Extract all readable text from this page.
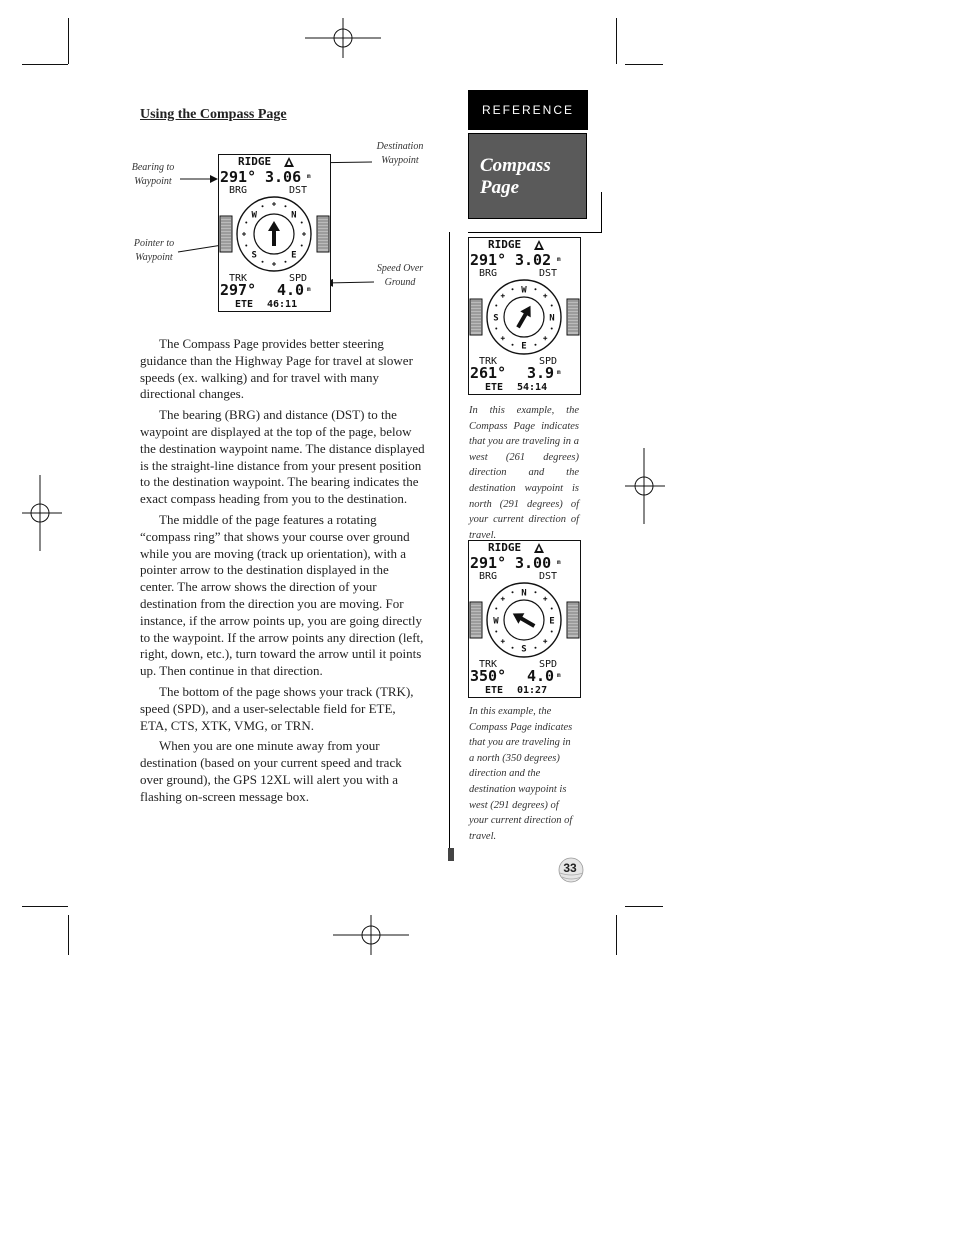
Using the Compass Page	REFERENCE
Compass Page
Bearing to Waypoint
Destination Waypoint
Pointer to Waypoint
Speed Over Ground
RIDGE
291° 3.06 m
BRG	DST
W	N
S	E
TRK	SPD
297° 4.0 m
ETE 46:11
RIDGE
291° 3.02 m
BRG	DST
W
N
S
E
TRK	SPD
261° 3.9 m
ETE 54:14
RIDGE
291° 3.00 m
BRG	DST
N
E
S
W
TRK	SPD
350° 4.0 m
ETE 01:27
In this example, the Compass Page indicates that you are traveling in a west (261 degrees) direction and the destination waypoint is north (291 degrees) of your current direction of travel.
In this example, the Compass Page indicates that you are traveling in a north (350 degrees) direction and the destination waypoint is west (291 degrees) of your current direction of travel.

The Compass Page provides better steering guidance than the Highway Page for travel at slower speeds (ex. walking) and for travel with many directional changes.

The bearing (BRG) and distance (DST) to the waypoint are displayed at the top of the page, below the destination waypoint name. The distance displayed is the straight-line distance from your present position to the destination waypoint. The bearing indicates the exact compass heading from you to the destination.

The middle of the page features a rotating “compass ring” that shows your course over ground while you are moving (track up orientation), with a pointer arrow to the destination displayed in the center. The arrow shows the direction of your destination from the direction you are moving. For instance, if the arrow points up, you are going directly to the waypoint. If the arrow points any direction (left, right, down, etc.), turn toward the arrow until it points up. Then continue in that direction.

The bottom of the page shows your track (TRK), speed (SPD), and a user-selectable field for ETE, ETA, CTS, XTK, VMG, or TRN.

When you are one minute away from your destination (based on your current speed and track over ground), the GPS 12XL will alert you with a flashing on-screen message box.

33
